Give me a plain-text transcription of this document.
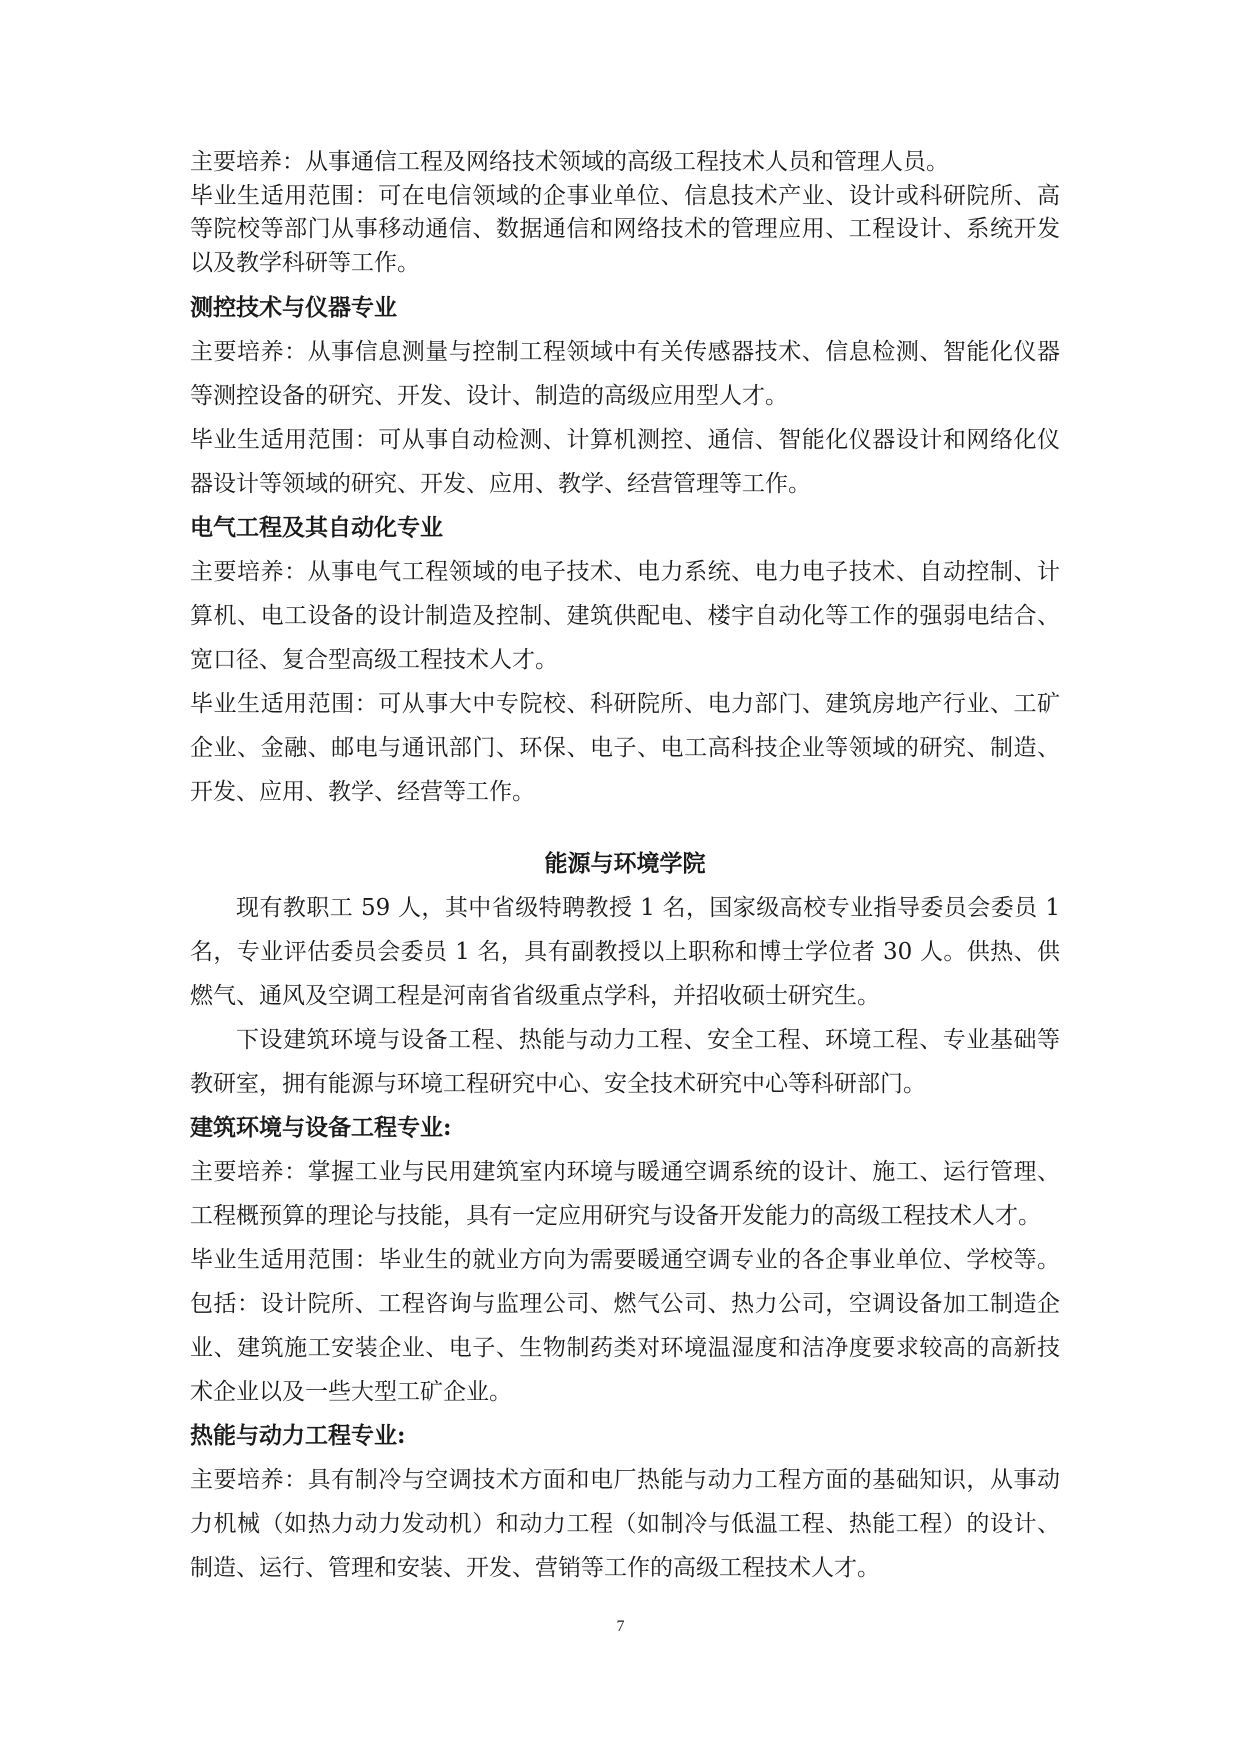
主要培养：从事通信工程及网络技术领域的高级工程技术人员和管理人员。

毕业生适用范围：可在电信领域的企事业单位、信息技术产业、设计或科研院所、高等院校等部门从事移动通信、数据通信和网络技术的管理应用、工程设计、系统开发以及教学科研等工作。

测控技术与仪器专业

主要培养：从事信息测量与控制工程领域中有关传感器技术、信息检测、智能化仪器等测控设备的研究、开发、设计、制造的高级应用型人才。

毕业生适用范围：可从事自动检测、计算机测控、通信、智能化仪器设计和网络化仪器设计等领域的研究、开发、应用、教学、经营管理等工作。

电气工程及其自动化专业

主要培养：从事电气工程领域的电子技术、电力系统、电力电子技术、自动控制、计算机、电工设备的设计制造及控制、建筑供配电、楼宇自动化等工作的强弱电结合、宽口径、复合型高级工程技术人才。

毕业生适用范围：可从事大中专院校、科研院所、电力部门、建筑房地产行业、工矿企业、金融、邮电与通讯部门、环保、电子、电工高科技企业等领域的研究、制造、开发、应用、教学、经营等工作。

能源与环境学院

现有教职工 59 人，其中省级特聘教授 1 名，国家级高校专业指导委员会委员 1 名，专业评估委员会委员 1 名，具有副教授以上职称和博士学位者 30 人。供热、供燃气、通风及空调工程是河南省省级重点学科，并招收硕士研究生。

下设建筑环境与设备工程、热能与动力工程、安全工程、环境工程、专业基础等教研室，拥有能源与环境工程研究中心、安全技术研究中心等科研部门。

建筑环境与设备工程专业:

主要培养：掌握工业与民用建筑室内环境与暖通空调系统的设计、施工、运行管理、工程概预算的理论与技能，具有一定应用研究与设备开发能力的高级工程技术人才。

毕业生适用范围：毕业生的就业方向为需要暖通空调专业的各企事业单位、学校等。包括：设计院所、工程咨询与监理公司、燃气公司、热力公司，空调设备加工制造企业、建筑施工安装企业、电子、生物制药类对环境温湿度和洁净度要求较高的高新技术企业以及一些大型工矿企业。

热能与动力工程专业:

主要培养：具有制冷与空调技术方面和电厂热能与动力工程方面的基础知识，从事动力机械（如热力动力发动机）和动力工程（如制冷与低温工程、热能工程）的设计、制造、运行、管理和安装、开发、营销等工作的高级工程技术人才。

7
